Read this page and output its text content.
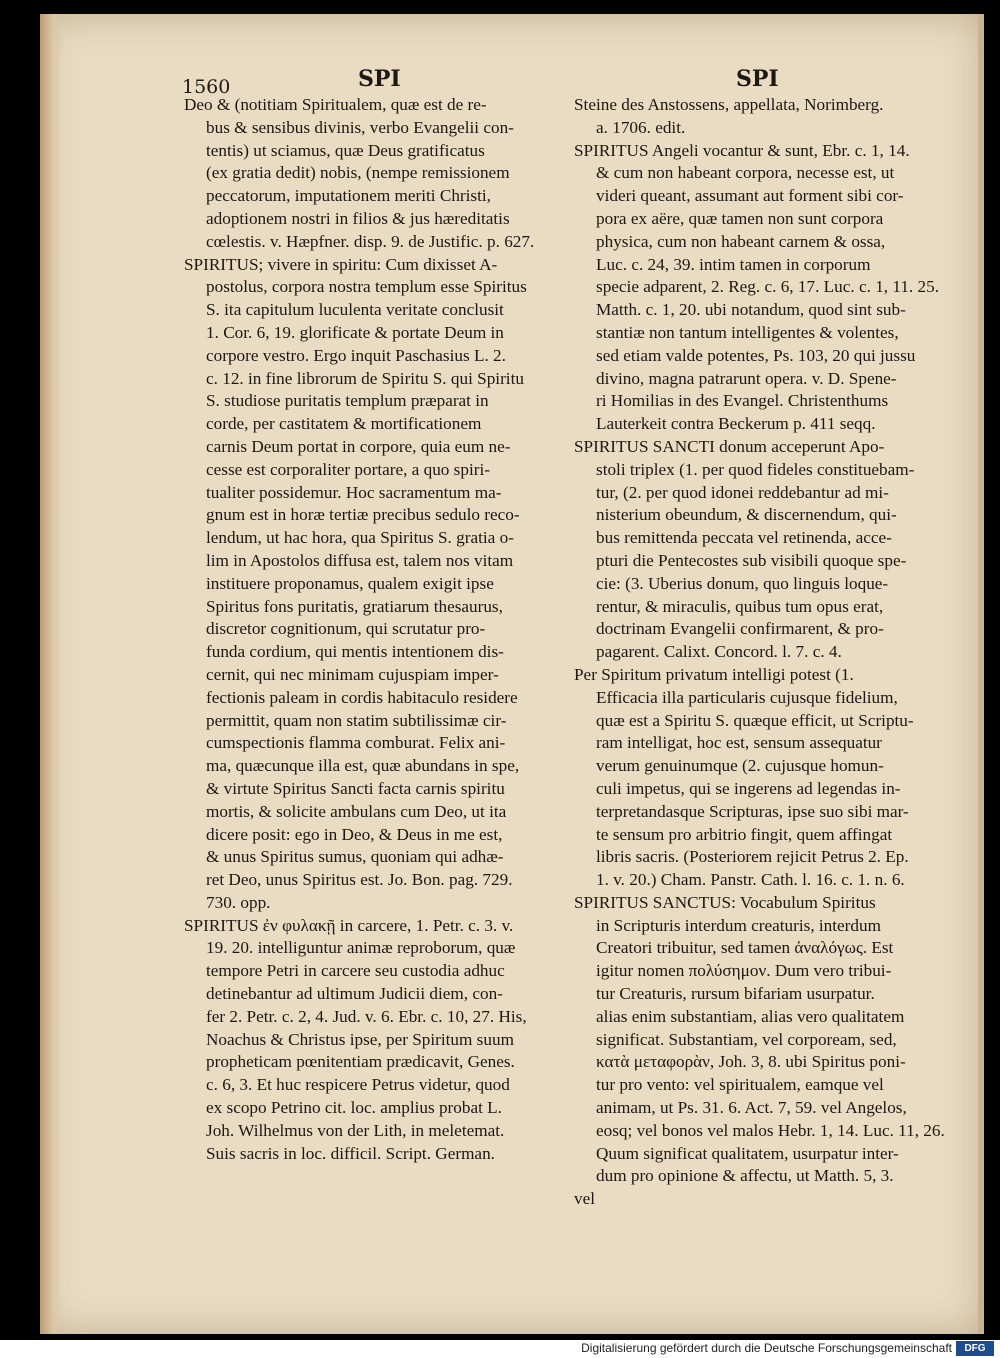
1560	SPI	SPI

Deo & (notitiam Spiritualem, quæ est de re-

bus & sensibus divinis, verbo Evangelii con-

tentis) ut sciamus, quæ Deus gratificatus

(ex gratia dedit) nobis, (nempe remissionem

peccatorum, imputationem meriti Christi,

adoptionem nostri in filios & jus hæreditatis

cœlestis. v. Hæpfner. disp. 9. de Justific. p. 627.

SPIRITUS; vivere in spiritu: Cum dixisset A-

postolus, corpora nostra templum esse Spiritus

S. ita capitulum luculenta veritate conclusit

1. Cor. 6, 19. glorificate & portate Deum in

corpore vestro. Ergo inquit Paschasius L. 2.

c. 12. in fine librorum de Spiritu S. qui Spiritu

S. studiose puritatis templum præparat in

corde, per castitatem & mortificationem

carnis Deum portat in corpore, quia eum ne-

cesse est corporaliter portare, a quo spiri-

tualiter possidemur. Hoc sacramentum ma-

gnum est in horæ tertiæ precibus sedulo reco-

lendum, ut hac hora, qua Spiritus S. gratia o-

lim in Apostolos diffusa est, talem nos vitam

instituere proponamus, qualem exigit ipse

Spiritus fons puritatis, gratiarum thesaurus,

discretor cognitionum, qui scrutatur pro-

funda cordium, qui mentis intentionem dis-

cernit, qui nec minimam cujuspiam imper-

fectionis paleam in cordis habitaculo residere

permittit, quam non statim subtilissimæ cir-

cumspectionis flamma comburat. Felix ani-

ma, quæcunque illa est, quæ abundans in spe,

& virtute Spiritus Sancti facta carnis spiritu

mortis, & solicite ambulans cum Deo, ut ita

dicere posit: ego in Deo, & Deus in me est,

& unus Spiritus sumus, quoniam qui adhæ-

ret Deo, unus Spiritus est. Jo. Bon. pag. 729.

730. opp.

SPIRITUS ἐν φυλακῇ in carcere, 1. Petr. c. 3. v.

19. 20. intelliguntur animæ reproborum, quæ

tempore Petri in carcere seu custodia adhuc

detinebantur ad ultimum Judicii diem, con-

fer 2. Petr. c. 2, 4. Jud. v. 6. Ebr. c. 10, 27. His,

Noachus & Christus ipse, per Spiritum suum

propheticam pœnitentiam prædicavit, Genes.

c. 6, 3. Et huc respicere Petrus videtur, quod

ex scopo Petrino cit. loc. amplius probat L.

Joh. Wilhelmus von der Lith, in meletemat.

Suis sacris in loc. difficil. Script. German.

Steine des Anstossens, appellata, Norimberg.

a. 1706. edit.

SPIRITUS Angeli vocantur & sunt, Ebr. c. 1, 14.

& cum non habeant corpora, necesse est, ut

videri queant, assumant aut forment sibi cor-

pora ex aëre, quæ tamen non sunt corpora

physica, cum non habeant carnem & ossa,

Luc. c. 24, 39. intim tamen in corporum

specie adparent, 2. Reg. c. 6, 17. Luc. c. 1, 11. 25.

Matth. c. 1, 20. ubi notandum, quod sint sub-

stantiæ non tantum intelligentes & volentes,

sed etiam valde potentes, Ps. 103, 20 qui jussu

divino, magna patrarunt opera. v. D. Spene-

ri Homilias in des Evangel. Christenthums

Lauterkeit contra Beckerum p. 411 seqq.

SPIRITUS SANCTI donum acceperunt Apo-

stoli triplex (1. per quod fideles constituebam-

tur, (2. per quod idonei reddebantur ad mi-

nisterium obeundum, & discernendum, qui-

bus remittenda peccata vel retinenda, acce-

pturi die Pentecostes sub visibili quoque spe-

cie: (3. Uberius donum, quo linguis loque-

rentur, & miraculis, quibus tum opus erat,

doctrinam Evangelii confirmarent, & pro-

pagarent. Calixt. Concord. l. 7. c. 4.

Per Spiritum privatum intelligi potest (1.

Efficacia illa particularis cujusque fidelium,

quæ est a Spiritu S. quæque efficit, ut Scriptu-

ram intelligat, hoc est, sensum assequatur

verum genuinumque (2. cujusque homun-

culi impetus, qui se ingerens ad legendas in-

terpretandasque Scripturas, ipse suo sibi mar-

te sensum pro arbitrio fingit, quem affingat

libris sacris. (Posteriorem rejicit Petrus 2. Ep.

1. v. 20.) Cham. Panstr. Cath. l. 16. c. 1. n. 6.

SPIRITUS SANCTUS: Vocabulum Spiritus

in Scripturis interdum creaturis, interdum

Creatori tribuitur, sed tamen ἀναλόγως. Est

igitur nomen πολύσημον. Dum vero tribui-

tur Creaturis, rursum bifariam usurpatur.

alias enim substantiam, alias vero qualitatem

significat. Substantiam, vel corpoream, sed,

κατὰ μεταφορὰν, Joh. 3, 8. ubi Spiritus poni-

tur pro vento: vel spiritualem, eamque vel

animam, ut Ps. 31. 6. Act. 7, 59. vel Angelos,

eosq; vel bonos vel malos Hebr. 1, 14. Luc. 11, 26.

Quum significat qualitatem, usurpatur inter-

dum pro opinione & affectu, ut Matth. 5, 3.

vel

Digitalisierung gefördert durch die Deutsche Forschungsgemeinschaft	DFG
